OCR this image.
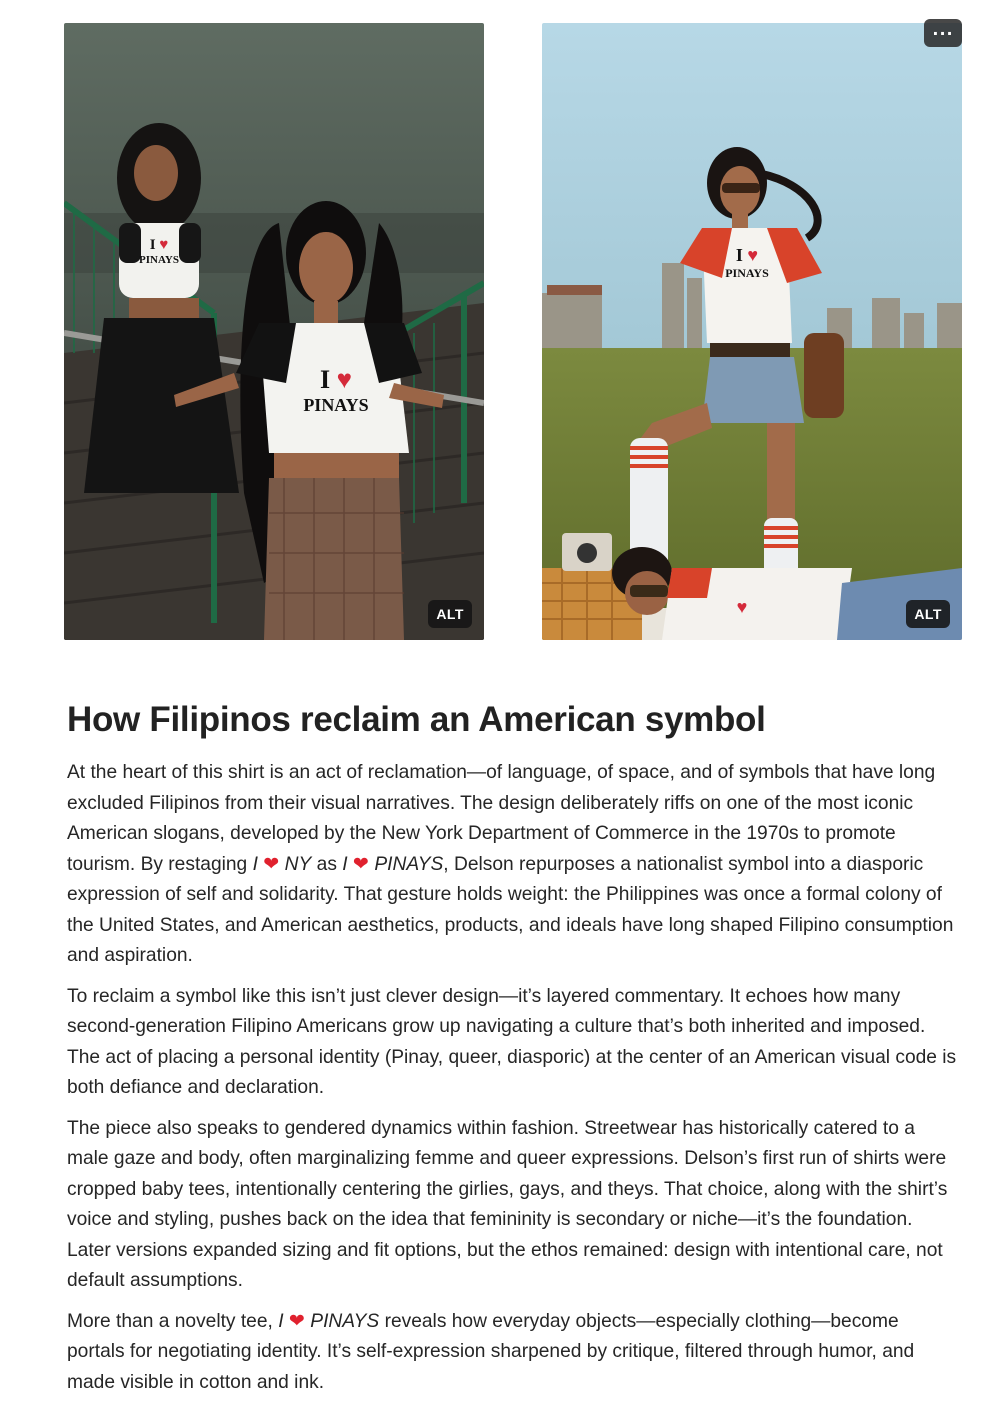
I ♥
PINAYS
I ♥
PINAYS
ALT
I ♥
PINAYS
♥	ALT
···
How Filipinos reclaim an American symbol

At the heart of this shirt is an act of reclamation—of language, of space, and of symbols that have long excluded Filipinos from their visual narratives. The design deliberately riffs on one of the most iconic American slogans, developed by the New York Department of Commerce in the 1970s to promote tourism. By restaging I ❤ NY as I ❤ PINAYS, Delson repurposes a nationalist symbol into a diasporic expression of self and solidarity. That gesture holds weight: the Philippines was once a formal colony of the United States, and American aesthetics, products, and ideals have long shaped Filipino consumption and aspiration.

To reclaim a symbol like this isn’t just clever design—it’s layered commentary. It echoes how many second-generation Filipino Americans grow up navigating a culture that’s both inherited and imposed. The act of placing a personal identity (Pinay, queer, diasporic) at the center of an American visual code is both defiance and declaration.

The piece also speaks to gendered dynamics within fashion. Streetwear has historically catered to a male gaze and body, often marginalizing femme and queer expressions. Delson’s first run of shirts were cropped baby tees, intentionally centering the girlies, gays, and theys. That choice, along with the shirt’s voice and styling, pushes back on the idea that femininity is secondary or niche—it’s the foundation. Later versions expanded sizing and fit options, but the ethos remained: design with intentional care, not default assumptions.

More than a novelty tee, I ❤ PINAYS reveals how everyday objects—especially clothing—become portals for negotiating identity. It’s self-expression sharpened by critique, filtered through humor, and made visible in cotton and ink.
